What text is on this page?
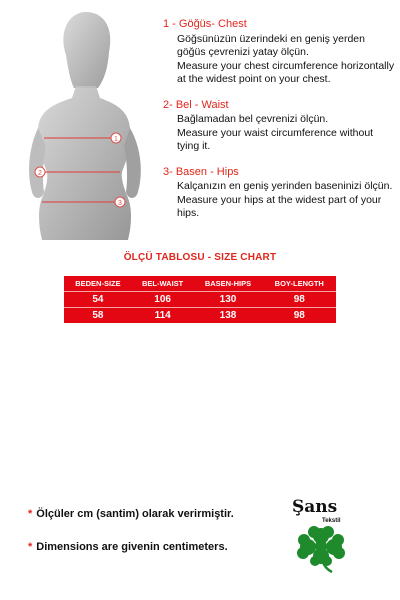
1
2
3
1 - Göğüs- Chest
Göğsünüzün üzerindeki en geniş yerden göğüs çevrenizi yatay ölçün.
Measure your chest circumference horizontally at the widest point on your chest.
2- Bel - Waist
Bağlamadan bel çevrenizi ölçün.
Measure your waist circumference without tying it.
3- Basen - Hips
Kalçanızın en geniş yerinden baseninizi ölçün.
Measure your hips at the widest part of your hips.
ÖLÇÜ TABLOSU - SIZE CHART
BEDEN-SIZE	BEL-WAIST	BASEN-HIPS	BOY-LENGTH
54	106	130	98
58	114	138	98
* Ölçüler cm (santim) olarak verirmiştir.
* Dimensions are givenin centimeters.
Şans
Tekstil
